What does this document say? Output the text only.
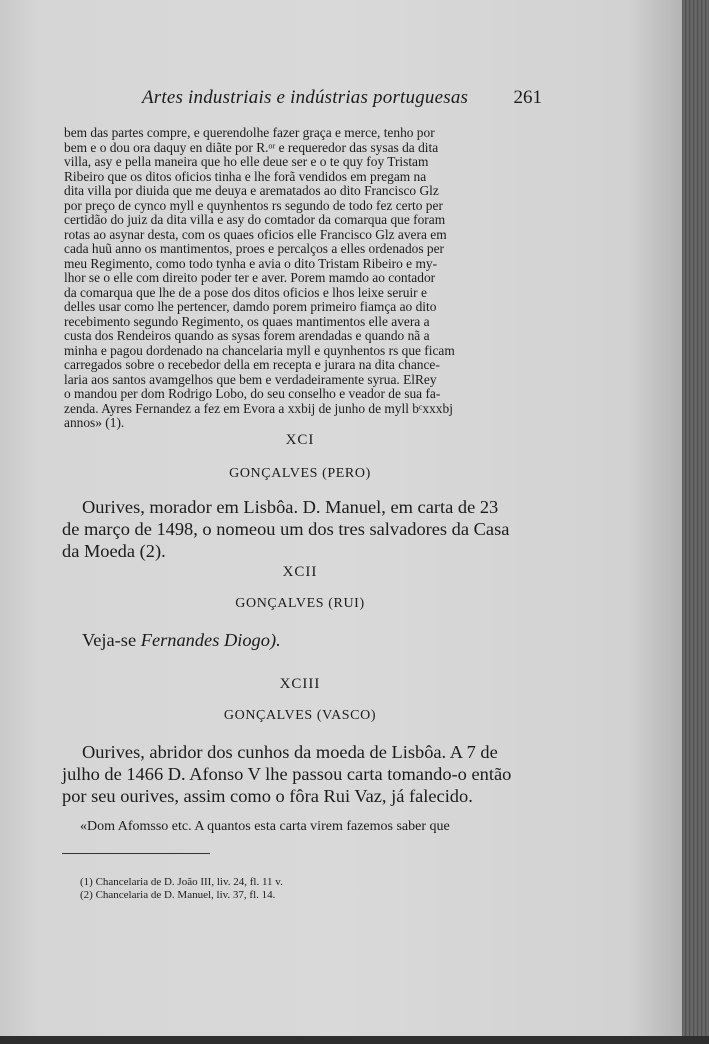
Artes industriais e indústrias portuguesas 261
bem das partes compre, e querendolhe fazer graça e merce, tenho por
bem e o dou ora daquy en diãte por R.ᵒʳ e requeredor das sysas da dita
villa, asy e pella maneira que ho elle deue ser e o te quy foy Tristam
Ribeiro que os ditos oficios tinha e lhe forã vendidos em pregam na
dita villa por diuida que me deuya e arematados ao dito Francisco Glz
por preço de cynco myll e quynhentos rs segundo de todo fez certo per
certidão do juiz da dita villa e asy do comtador da comarqua que foram
rotas ao asynar desta, com os quaes oficios elle Francisco Glz avera em
cada huũ anno os mantimentos, proes e percalços a elles ordenados per
meu Regimento, como todo tynha e avia o dito Tristam Ribeiro e my-
lhor se o elle com direito poder ter e aver. Porem mamdo ao contador
da comarqua que lhe de a pose dos ditos oficios e lhos leixe seruir e
delles usar como lhe pertencer, damdo porem primeiro fiamça ao dito
recebimento segundo Regimento, os quaes mantimentos elle avera a
custa dos Rendeiros quando as sysas forem arendadas e quando nã a
minha e pagou dordenado na chancelaria myll e quynhentos rs que ficam
carregados sobre o recebedor della em recepta e jurara na dita chance-
laria aos santos avamgelhos que bem e verdadeiramente syrua. ElRey
o mandou per dom Rodrigo Lobo, do seu conselho e veador de sua fa-
zenda. Ayres Fernandez a fez em Evora a xxbij de junho de myll bᶜxxxbj
annos» (1).
XCI
GONÇALVES (PERO)
Ourives, morador em Lisbôa. D. Manuel, em carta de 23
de março de 1498, o nomeou um dos tres salvadores da Casa
da Moeda (2).
XCII
GONÇALVES (RUI)
Veja-se Fernandes Diogo).
XCIII
GONÇALVES (VASCO)
Ourives, abridor dos cunhos da moeda de Lisbôa. A 7 de
julho de 1466 D. Afonso V lhe passou carta tomando-o então
por seu ourives, assim como o fôra Rui Vaz, já falecido.
«Dom Afomsso etc. A quantos esta carta virem fazemos saber que
(1) Chancelaria de D. João III, liv. 24, fl. 11 v.
(2) Chancelaria de D. Manuel, liv. 37, fl. 14.
